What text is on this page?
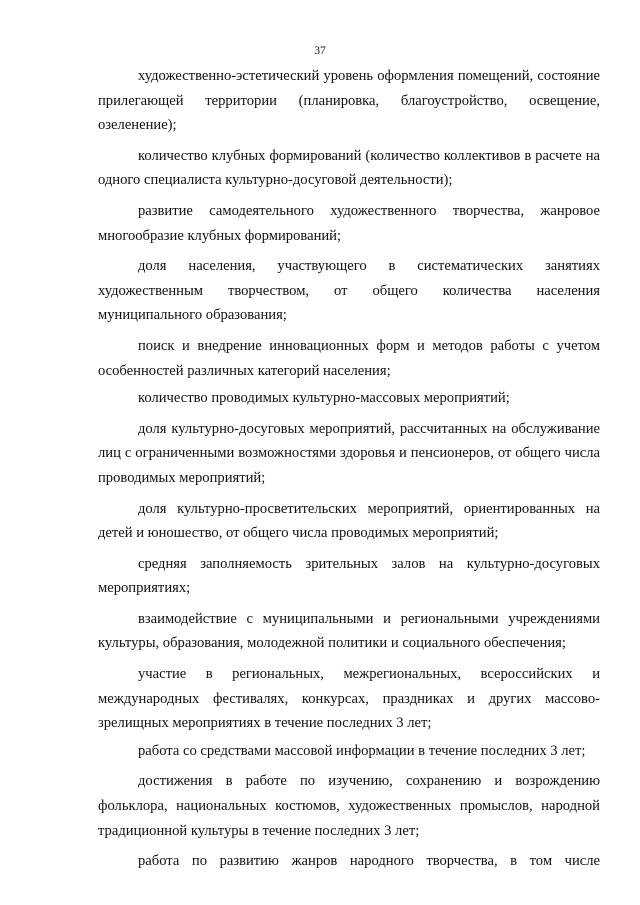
37

художественно-эстетический уровень оформления помещений, состояние прилегающей территории (планировка, благоустройство, освещение, озеленение);

количество клубных формирований (количество коллективов в расчете на одного специалиста культурно-досуговой деятельности);

развитие самодеятельного художественного творчества, жанровое многообразие клубных формирований;

доля населения, участвующего в систематических занятиях художественным творчеством, от общего количества населения муниципального образования;

поиск и внедрение инновационных форм и методов работы с учетом особенностей различных категорий населения;

количество проводимых культурно-массовых мероприятий;

доля культурно-досуговых мероприятий, рассчитанных на обслуживание лиц с ограниченными возможностями здоровья и пенсионеров, от общего числа проводимых мероприятий;

доля культурно-просветительских мероприятий, ориентированных на детей и юношество, от общего числа проводимых мероприятий;

средняя заполняемость зрительных залов на культурно-досуговых мероприятиях;

взаимодействие с муниципальными и региональными учреждениями культуры, образования, молодежной политики и социального обеспечения;

участие в региональных, межрегиональных, всероссийских и международных фестивалях, конкурсах, праздниках и других массово-зрелищных мероприятиях в течение последних 3 лет;

работа со средствами массовой информации в течение последних 3 лет;

достижения в работе по изучению, сохранению и возрождению фольклора, национальных костюмов, художественных промыслов, народной традиционной культуры в течение последних 3 лет;

работа по развитию жанров народного творчества, в том числе
